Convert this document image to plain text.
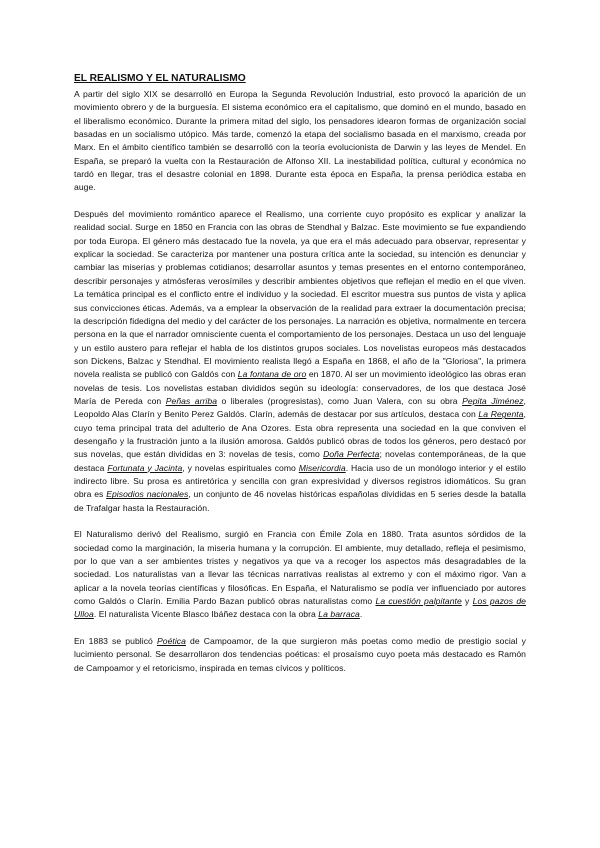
EL REALISMO Y EL NATURALISMO

A partir del siglo XIX se desarrolló en Europa la Segunda Revolución Industrial, esto provocó la aparición de un movimiento obrero y de la burguesía. El sistema económico era el capitalismo, que dominó en el mundo, basado en el liberalismo económico. Durante la primera mitad del siglo, los pensadores idearon formas de organización social basadas en un socialismo utópico. Más tarde, comenzó la etapa del socialismo basada en el marxismo, creada por Marx. En el ámbito científico también se desarrolló con la teoría evolucionista de Darwin y las leyes de Mendel. En España, se preparó la vuelta con la Restauración de Alfonso XII. La inestabilidad política, cultural y económica no tardó en llegar, tras el desastre colonial en 1898. Durante esta época en España, la prensa periódica estaba en auge.

Después del movimiento romántico aparece el Realismo, una corriente cuyo propósito es explicar y analizar la realidad social. Surge en 1850 en Francia con las obras de Stendhal y Balzac. Este movimiento se fue expandiendo por toda Europa. El género más destacado fue la novela, ya que era el más adecuado para observar, representar y explicar la sociedad. Se caracteriza por mantener una postura crítica ante la sociedad, su intención es denunciar y cambiar las miserias y problemas cotidianos; desarrollar asuntos y temas presentes en el entorno contemporáneo, describir personajes y atmósferas verosímiles y describir ambientes objetivos que reflejan el medio en el que viven. La temática principal es el conflicto entre el individuo y la sociedad. El escritor muestra sus puntos de vista y aplica sus convicciones éticas. Además, va a emplear la observación de la realidad para extraer la documentación precisa; la descripción fidedigna del medio y del carácter de los personajes. La narración es objetiva, normalmente en tercera persona en la que el narrador omnisciente cuenta el comportamiento de los personajes. Destaca un uso del lenguaje y un estilo austero para reflejar el habla de los distintos grupos sociales. Los novelistas europeos más destacados son Dickens, Balzac y Stendhal. El movimiento realista llegó a España en 1868, el año de la "Gloriosa", la primera novela realista se publicó con Galdós con La fontana de oro en 1870. Al ser un movimiento ideológico las obras eran novelas de tesis. Los novelistas estaban divididos según su ideología: conservadores, de los que destaca José María de Pereda con Peñas arriba o liberales (progresistas), como Juan Valera, con su obra Pepita Jiménez, Leopoldo Alas Clarín y Benito Perez Galdós. Clarín, además de destacar por sus artículos, destaca con La Regenta, cuyo tema principal trata del adulterio de Ana Ozores. Esta obra representa una sociedad en la que conviven el desengaño y la frustración junto a la ilusión amorosa. Galdós publicó obras de todos los géneros, pero destacó por sus novelas, que están divididas en 3: novelas de tesis, como Doña Perfecta; novelas contemporáneas, de la que destaca Fortunata y Jacinta, y novelas espirituales como Misericordia. Hacia uso de un monólogo interior y el estilo indirecto libre. Su prosa es antiretórica y sencilla con gran expresividad y diversos registros idiomáticos. Su gran obra es Episodios nacionales, un conjunto de 46 novelas históricas españolas divididas en 5 series desde la batalla de Trafalgar hasta la Restauración.

El Naturalismo derivó del Realismo, surgió en Francia con Émile Zola en 1880. Trata asuntos sórdidos de la sociedad como la marginación, la miseria humana y la corrupción. El ambiente, muy detallado, refleja el pesimismo, por lo que van a ser ambientes tristes y negativos ya que va a recoger los aspectos más desagradables de la sociedad. Los naturalistas van a llevar las técnicas narrativas realistas al extremo y con el máximo rigor. Van a aplicar a la novela teorías científicas y filosóficas. En España, el Naturalismo se podía ver influenciado por autores como Galdós o Clarín. Emilia Pardo Bazan publicó obras naturalistas como La cuestión palpitante y Los pazos de Ulloa. El naturalista Vicente Blasco Ibáñez destaca con la obra La barraca.

En 1883 se publicó Poética de Campoamor, de la que surgieron más poetas como medio de prestigio social y lucimiento personal. Se desarrollaron dos tendencias poéticas: el prosaísmo cuyo poeta más destacado es Ramón de Campoamor y el retoricismo, inspirada en temas cívicos y políticos.
